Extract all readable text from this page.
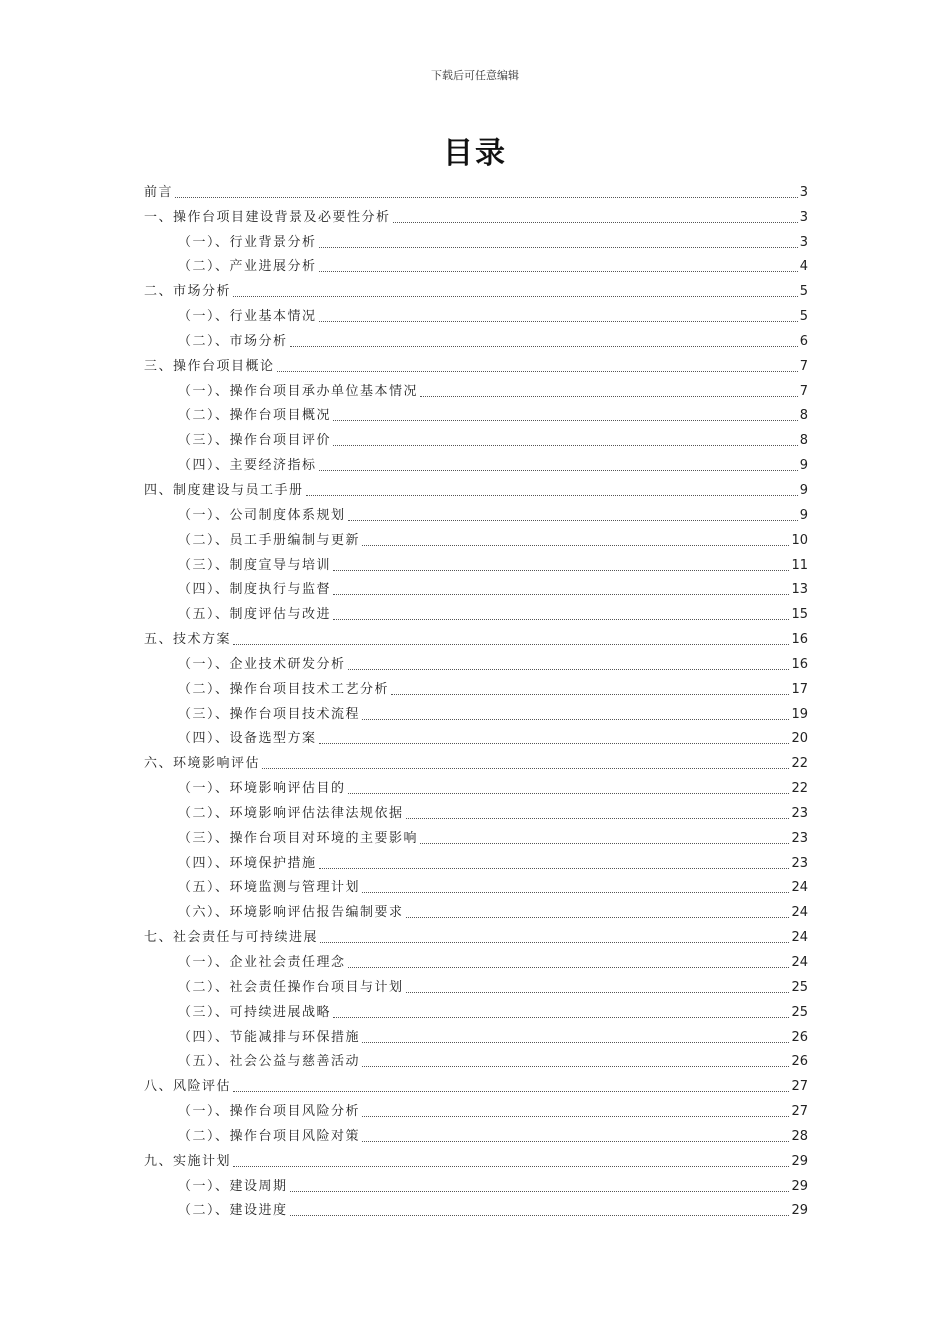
下载后可任意编辑
目录
前言	3
一、操作台项目建设背景及必要性分析	3
（一）、行业背景分析	3
（二）、产业进展分析	4
二、市场分析	5
（一）、行业基本情况	5
（二）、市场分析	6
三、操作台项目概论	7
（一）、操作台项目承办单位基本情况	7
（二）、操作台项目概况	8
（三）、操作台项目评价	8
（四）、主要经济指标	9
四、制度建设与员工手册	9
（一）、公司制度体系规划	9
（二）、员工手册编制与更新	10
（三）、制度宣导与培训	11
（四）、制度执行与监督	13
（五）、制度评估与改进	15
五、技术方案	16
（一）、企业技术研发分析	16
（二）、操作台项目技术工艺分析	17
（三）、操作台项目技术流程	19
（四）、设备选型方案	20
六、环境影响评估	22
（一）、环境影响评估目的	22
（二）、环境影响评估法律法规依据	23
（三）、操作台项目对环境的主要影响	23
（四）、环境保护措施	23
（五）、环境监测与管理计划	24
（六）、环境影响评估报告编制要求	24
七、社会责任与可持续进展	24
（一）、企业社会责任理念	24
（二）、社会责任操作台项目与计划	25
（三）、可持续进展战略	25
（四）、节能减排与环保措施	26
（五）、社会公益与慈善活动	26
八、风险评估	27
（一）、操作台项目风险分析	27
（二）、操作台项目风险对策	28
九、实施计划	29
（一）、建设周期	29
（二）、建设进度	29
